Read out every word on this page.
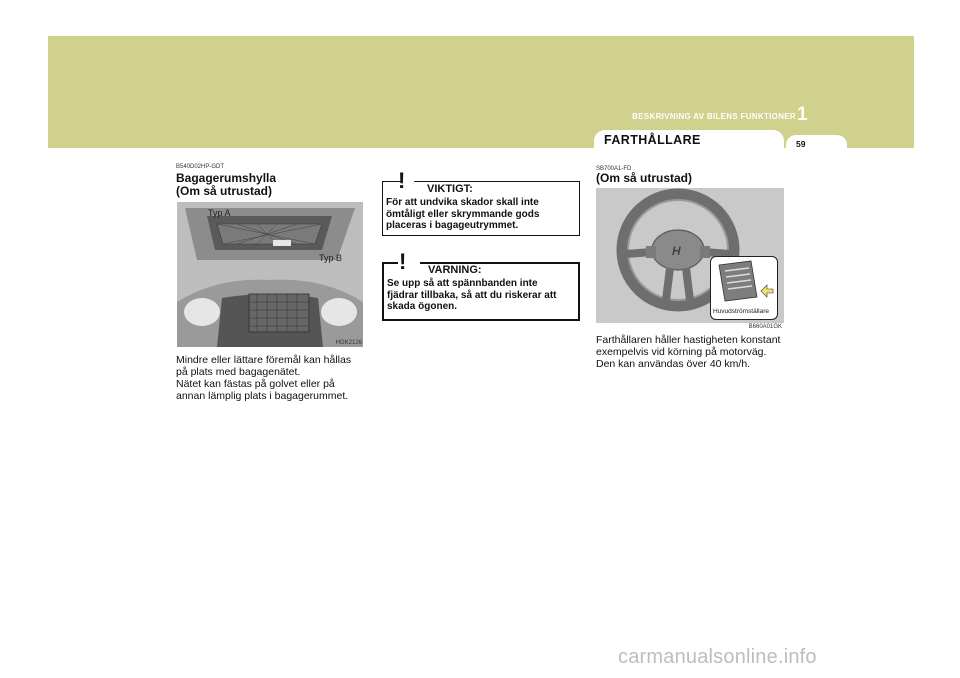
BESKRIVNING AV BILENS FUNKTIONER 1
FARTHÅLLARE	59
B540D02HP-GDT
Bagagerumshylla
(Om så utrustad)
Typ A
Typ B
HGK2126
Mindre eller lättare föremål kan hållas
på plats med bagagenätet.
Nätet kan fästas på golvet eller på
annan lämplig plats i bagagerummet.
! VIKTIGT:
För att undvika skador skall inte
ömtåligt eller skrymmande gods
placeras i bagageutrymmet.
! VARNING:
Se upp så att spännbanden inte
fjädrar tillbaka, så att du riskerar att
skada ögonen.
SB700A1-FD
(Om så utrustad)
H
Huvudströmställare
B660A01GK
Farthållaren håller hastigheten konstant
exempelvis vid körning på motorväg.
Den kan användas över 40 km/h.
carmanualsonline.info
